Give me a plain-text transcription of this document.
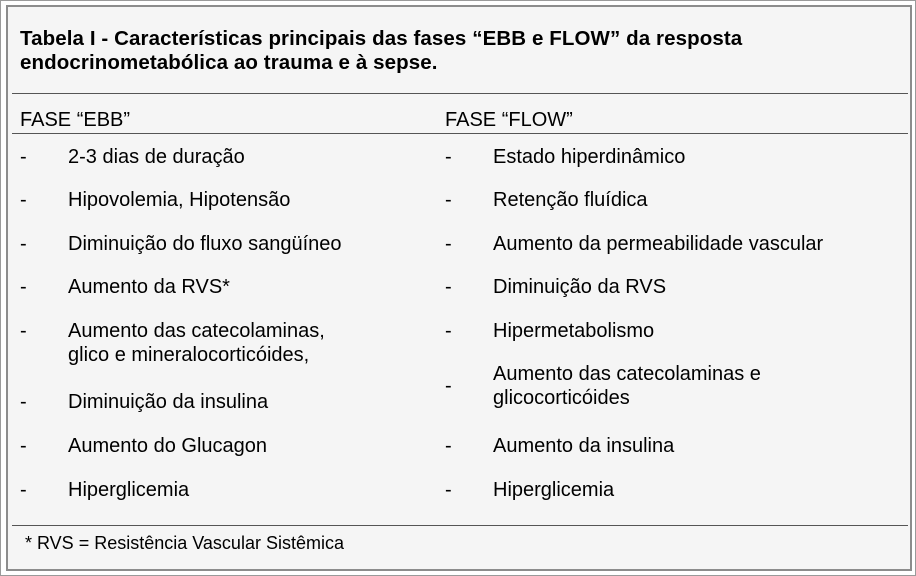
Tabela I - Características principais das fases “EBB e FLOW” da resposta
endocrinometabólica ao trauma e à sepse.
FASE “EBB”	FASE “FLOW”
- 2-3 dias de duração
- Hipovolemia, Hipotensão
- Diminuição do fluxo sangüíneo
- Aumento da RVS*
- Aumento das catecolaminas,
glico e mineralocorticóides,
- Diminuição da insulina
- Aumento do Glucagon
- Hiperglicemia
- Estado hiperdinâmico
- Retenção fluídica
- Aumento da permeabilidade vascular
- Diminuição da RVS
- Hipermetabolismo
-
Aumento das catecolaminas e
glicocorticóides
- Aumento da insulina
- Hiperglicemia
* RVS = Resistência Vascular Sistêmica
